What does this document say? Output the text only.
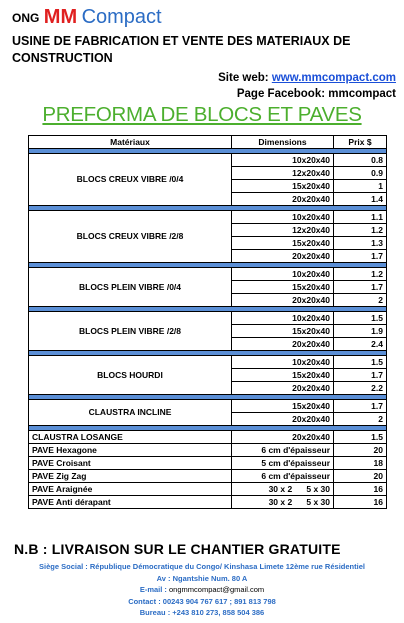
ONG MM Compact
USINE DE FABRICATION ET VENTE DES MATERIAUX DE CONSTRUCTION
Site web: www.mmcompact.com
Page Facebook: mmcompact
PREFORMA DE BLOCS ET PAVES
Matériaux	Dimensions	Prix $

BLOCS CREUX VIBRE /0/4	10x20x40	0.8
	12x20x40	0.9
	15x20x40	1
	20x20x40	1.4

BLOCS CREUX VIBRE /2/8	10x20x40	1.1
	12x20x40	1.2
	15x20x40	1.3
	20x20x40	1.7

BLOCS PLEIN VIBRE /0/4	10x20x40	1.2
	15x20x40	1.7
	20x20x40	2

BLOCS PLEIN VIBRE /2/8	10x20x40	1.5
	15x20x40	1.9
	20x20x40	2.4

BLOCS HOURDI	10x20x40	1.5
	15x20x40	1.7
	20x20x40	2.2

CLAUSTRA INCLINE	15x20x40	1.7
	20x20x40	2

CLAUSTRA LOSANGE	20x20x40	1.5
PAVE Hexagone	6 cm d'épaisseur	20
PAVE Croisant	5 cm d'épaisseur	18
PAVE Zig Zag	6 cm d'épaisseur	20
PAVE Araignée	30 x 2      5 x 30	16
PAVE Anti dérapant	30 x 2      5 x 30	16
N.B : LIVRAISON SUR LE CHANTIER GRATUITE
Siège Social : République Démocratique du Congo/ Kinshasa Limete 12ème rue Résidentiel
Av : Ngantshie Num. 80 A
E-mail : ongmmcompact@gmail.com
Contact : 00243 904 767 617 ; 891 813 798
Bureau : +243 810 273, 858 504 386
